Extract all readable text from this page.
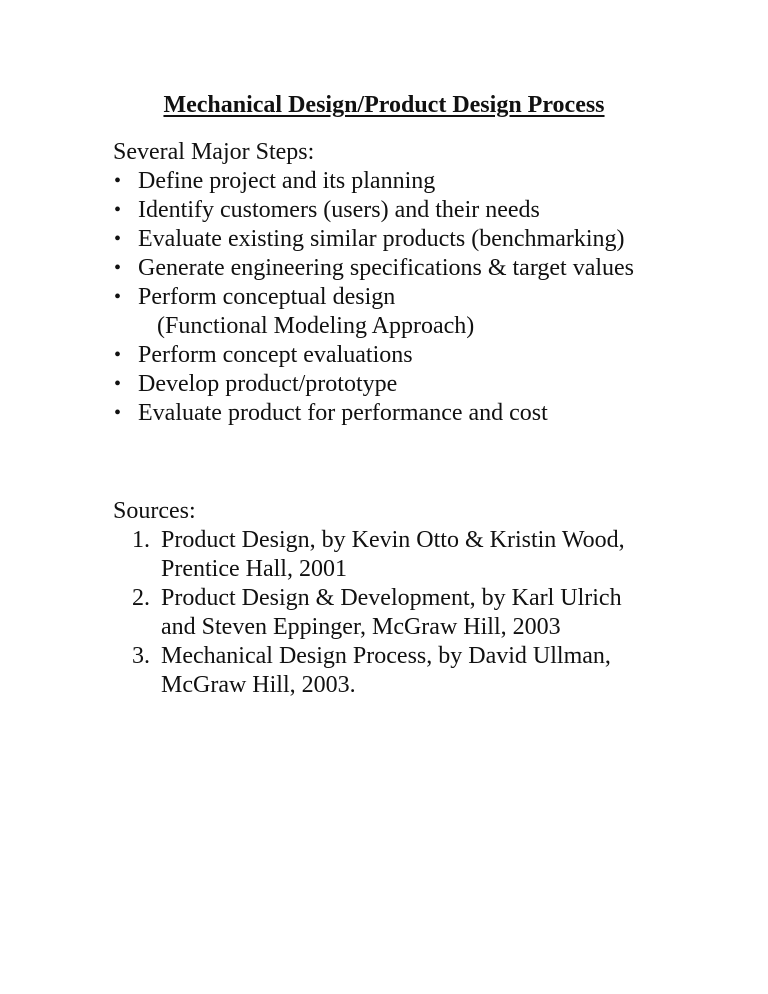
Mechanical Design/Product Design Process

Several Major Steps:

• Define project and its planning
• Identify customers (users) and their needs
• Evaluate existing similar products (benchmarking)
• Generate engineering specifications & target values
• Perform conceptual design
(Functional Modeling Approach)
• Perform concept evaluations
• Develop product/prototype
• Evaluate product for performance and cost

Sources:

1. Product Design, by Kevin Otto & Kristin Wood,
Prentice Hall, 2001
2. Product Design & Development, by Karl Ulrich
and Steven Eppinger, McGraw Hill, 2003
3. Mechanical Design Process, by David Ullman,
McGraw Hill, 2003.
